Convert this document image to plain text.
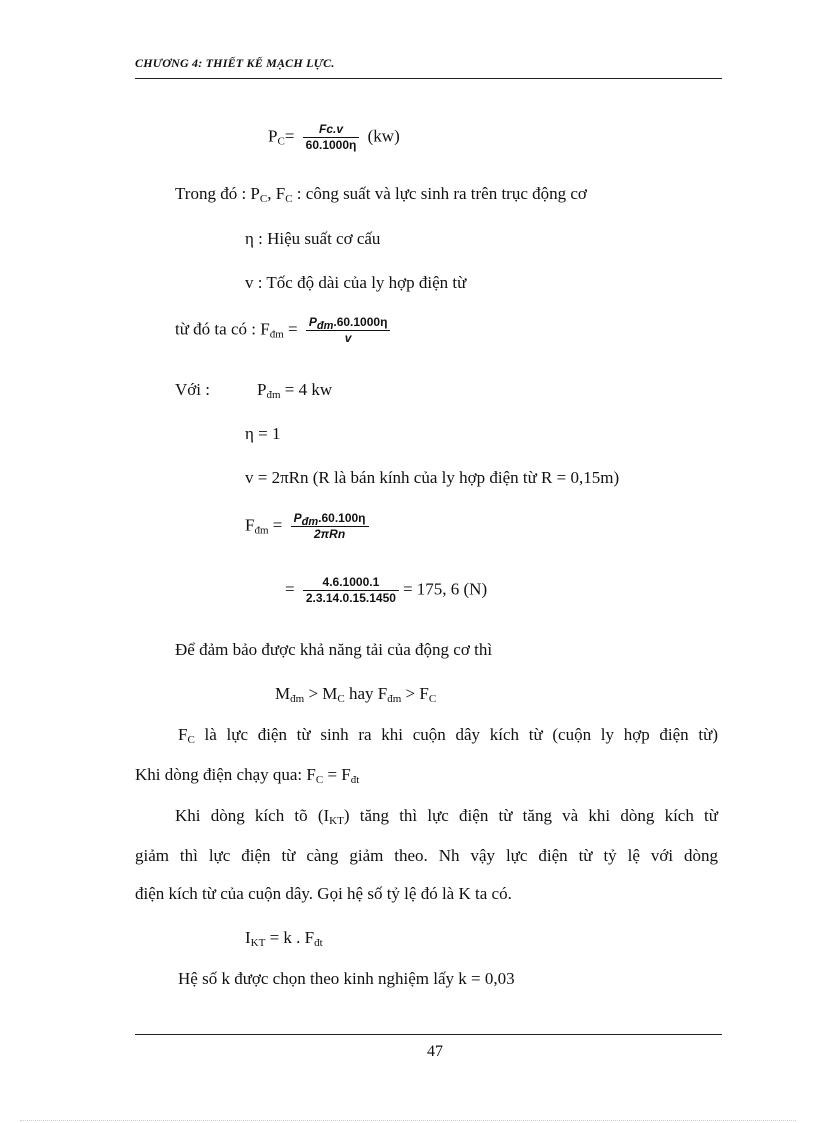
CHƯƠNG 4: THIẾT KẾ MẠCH LỰC.
$P_C= \frac{Fc.v}{60.1000\eta} (kw)$
Trong đó : $P_C$, $F_C$ : công suất và lực sinh ra trên trục động cơ
η : Hiệu suất cơ cấu
v : Tốc độ dài của ly hợp điện từ
từ đó ta có : $F_{đm} = \frac{P_{đm}.60.1000\eta}{v}$
Với :	$P_{đm} = 4$ kw
η = 1
v = 2πRn (R là bán kính của ly hợp điện từ R = 0,15m)
$F_{đm} = \frac{P_{đm}.60.100\eta}{\text{2πRn}}$
= $\frac{4.6.1000.1}{2.3.14.0.15.1450} = 175$, 6 (N)
Để đảm bảo được khả năng tải của động cơ thì
$M_{đm} > M_C$ hay $F_{đm} > F_C$
$F_C$ là lực điện từ sinh ra khi cuộn dây kích từ (cuộn ly hợp điện từ)
Khi dòng điện chạy qua: $F_C = F_{đt}$
Khi dòng kích tõ $(I_{KT})$ tăng thì lực điện từ tăng và khi dòng kích từ
giảm thì lực điện từ càng giảm theo. Nh vậy lực điện từ tỷ lệ với dòng
điện kích từ của cuộn dây. Gọi hệ số tỷ lệ đó là K ta có.
$I_{KT} = k$ . $F_{đt}$
Hệ số k được chọn theo kinh nghiệm lấy k = 0,03
47
